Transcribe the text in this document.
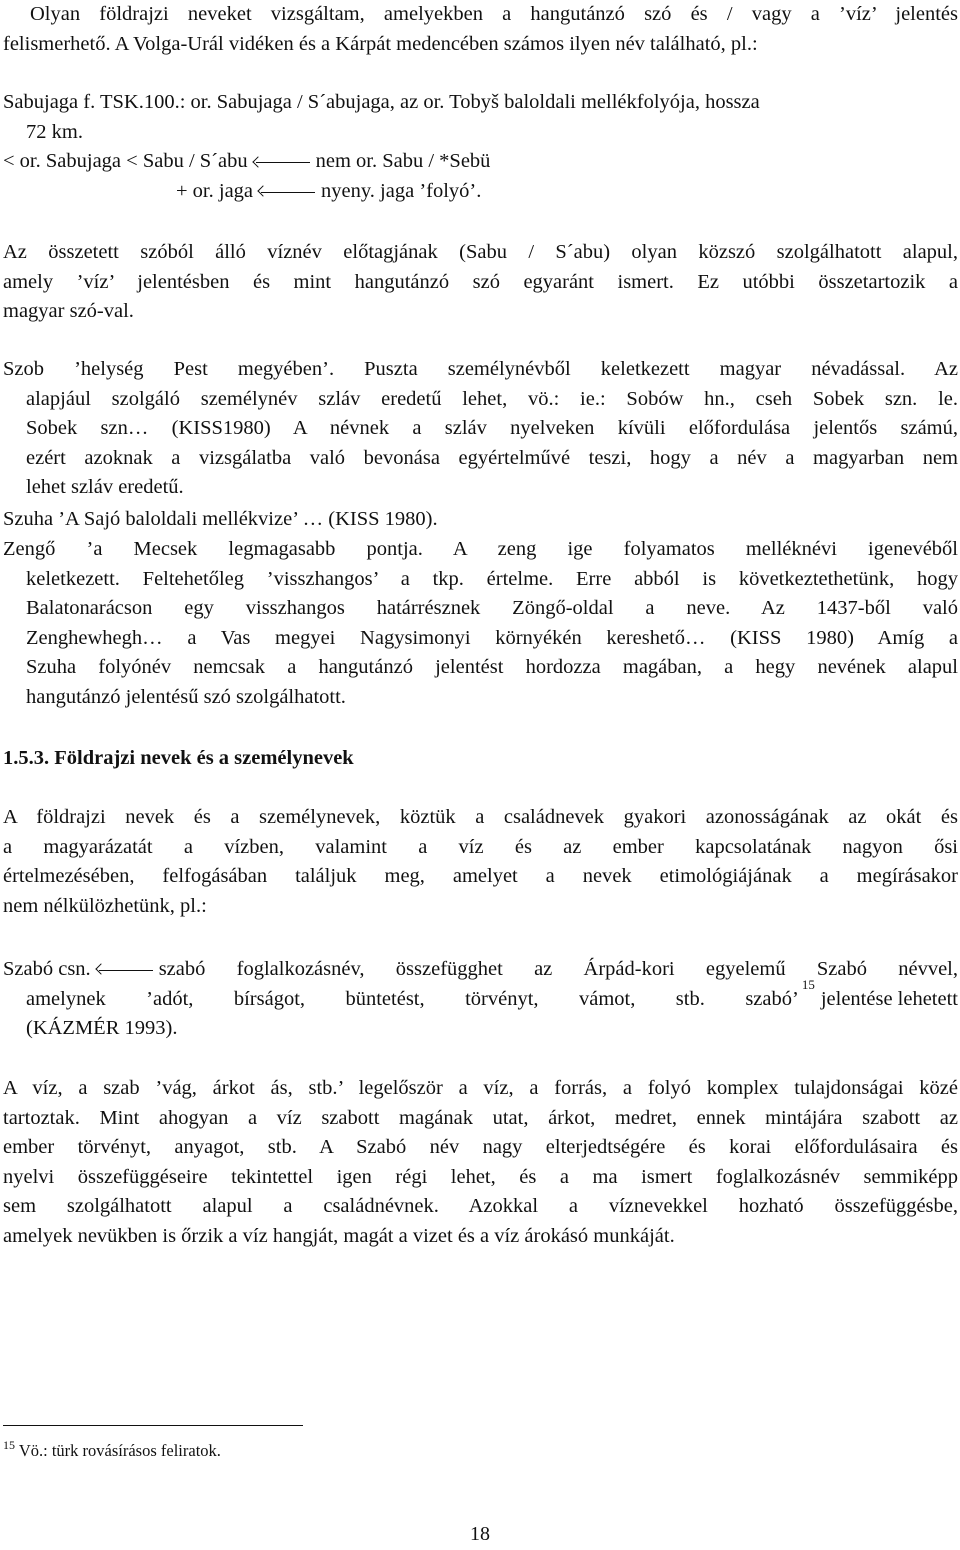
Olyan földrajzi neveket vizsgáltam, amelyekben a hangutánzó szó és / vagy a ’víz’ jelentés
felismerhető. A Volga-Urál vidéken és a Kárpát medencében számos ilyen név található, pl.:
Sabujaga f. TSK.100.: or. Sabujaga / S´abujaga, az or. Tobyš baloldali mellékfolyója, hossza
72 km.
< or. Sabujaga < Sabu / S´abu	nem or. Sabu / *Sebü
+ or. jaga	nyeny. jaga ’folyó’.
Az összetett szóból álló víznév előtagjának (Sabu / S´abu) olyan közszó szolgálhatott alapul,
amely ’víz’ jelentésben és mint hangutánzó szó egyaránt ismert. Ez utóbbi összetartozik a
magyar szó-val.
Szob ’helység Pest megyében’. Puszta személynévből keletkezett magyar névadással. Az
alapjául szolgáló személynév szláv eredetű lehet, vö.: ie.: Sobów hn., cseh Sobek szn. le.
Sobek szn… (KISS1980) A névnek a szláv nyelveken kívüli előfordulása jelentős számú,
ezért azoknak a vizsgálatba való bevonása egyértelművé teszi, hogy a név a magyarban nem
lehet szláv eredetű.
Szuha ’A Sajó baloldali mellékvize’ … (KISS 1980).
Zengő ’a Mecsek legmagasabb pontja. A zeng ige folyamatos melléknévi igenevéből
keletkezett. Feltehetőleg ’visszhangos’ a tkp. értelme. Erre abból is következtethetünk, hogy
Balatonarácson egy visszhangos határrésznek Zöngő-oldal a neve. Az 1437-ből való
Zenghewhegh… a Vas megyei Nagysimonyi környékén kereshető… (KISS 1980) Amíg a
Szuha folyónév nemcsak a hangutánzó jelentést hordozza magában, a hegy nevének alapul
hangutánzó jelentésű szó szolgálhatott.
1.5.3. Földrajzi nevek és a személynevek
A földrajzi nevek és a személynevek, köztük a családnevek gyakori azonosságának az okát és
a magyarázatát a vízben, valamint a víz és az ember kapcsolatának nagyon ősi
értelmezésében, felfogásában találjuk meg, amelyet a nevek etimológiájának a megírásakor
nem nélkülözhetünk, pl.:
Szabó csn.	szabó foglalkozásnév, összefügghet az Árpád-kori egyelemű Szabó névvel,
amelynek ’adót, bírságot, büntetést, törvényt, vámot, stb. szabó’
15
jelentése lehetett
(KÁZMÉR 1993).
A víz, a szab ’vág, árkot ás, stb.’ legelőször a víz, a forrás, a folyó komplex tulajdonságai közé
tartoztak. Mint ahogyan a víz szabott magának utat, árkot, medret, ennek mintájára szabott az
ember törvényt, anyagot, stb. A Szabó név nagy elterjedtségére és korai előfordulásaira és
nyelvi összefüggéseire tekintettel igen régi lehet, és a ma ismert foglalkozásnév semmiképp
sem szolgálhatott alapul a családnévnek. Azokkal a víznevekkel hozható összefüggésbe,
amelyek nevükben is őrzik a víz hangját, magát a vizet és a víz árokásó munkáját.
$^{15}$ Vö.: türk rovásírásos feliratok.
18
